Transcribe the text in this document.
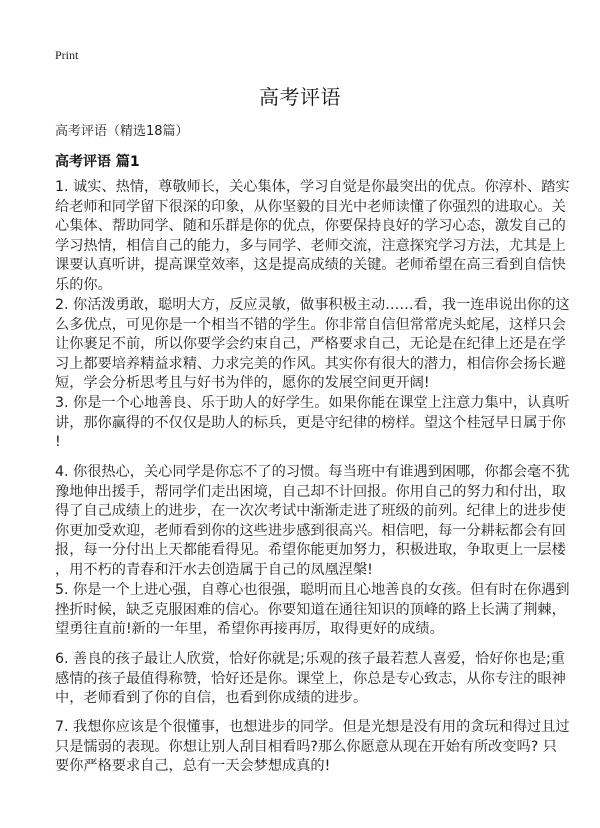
Print
高考评语
高考评语（精选18篇）
高考评语 篇1

1. 诚实、热情，尊敬师长，关心集体，学习自觉是你最突出的优点。你淳朴、踏实
给老师和同学留下很深的印象，从你坚毅的目光中老师读懂了你强烈的进取心。关
心集体、帮助同学、随和乐群是你的优点，你要保持良好的学习心态，激发自己的
学习热情，相信自己的能力，多与同学、老师交流，注意探究学习方法，尤其是上
课要认真听讲，提高课堂效率，这是提高成绩的关键。老师希望在高三看到自信快
乐的你。

2. 你活泼勇敢，聪明大方，反应灵敏，做事积极主动……看，我一连串说出你的这
么多优点，可见你是一个相当不错的学生。你非常自信但常常虎头蛇尾，这样只会
让你裹足不前，所以你要学会约束自己，严格要求自己，无论是在纪律上还是在学
习上都要培养精益求精、力求完美的作风。其实你有很大的潜力，相信你会扬长避
短，学会分析思考且与好书为伴的，愿你的发展空间更开阔!

3. 你是一个心地善良、乐于助人的好学生。如果你能在课堂上注意力集中，认真听
讲，那你赢得的不仅仅是助人的标兵，更是守纪律的榜样。望这个桂冠早日属于你
!

4. 你很热心，关心同学是你忘不了的习惯。每当班中有谁遇到困哪，你都会毫不犹
豫地伸出援手，帮同学们走出困境，自己却不计回报。你用自己的努力和付出，取
得了自己成绩上的进步，在一次次考试中渐渐走进了班级的前列。纪律上的进步使
你更加受欢迎，老师看到你的这些进步感到很高兴。相信吧，每一分耕耘都会有回
报，每一分付出上天都能看得见。希望你能更加努力，积极进取，争取更上一层楼
，用不朽的青春和汗水去创造属于自己的凤凰涅槃!

5. 你是一个上进心强，自尊心也很强，聪明而且心地善良的女孩。但有时在你遇到
挫折时候，缺乏克服困难的信心。你要知道在通往知识的顶峰的路上长满了荆棘，
望勇往直前!新的一年里，希望你再接再厉，取得更好的成绩。

6. 善良的孩子最让人欣赏，恰好你就是;乐观的孩子最若惹人喜爱，恰好你也是;重
感情的孩子最值得称赞，恰好还是你。课堂上，你总是专心致志，从你专注的眼神
中，老师看到了你的自信，也看到你成绩的进步。

7. 我想你应该是个很懂事，也想进步的同学。但是光想是没有用的贪玩和得过且过
只是懦弱的表现。你想让别人刮目相看吗?那么你愿意从现在开始有所改变吗? 只
要你严格要求自己，总有一天会梦想成真的!
